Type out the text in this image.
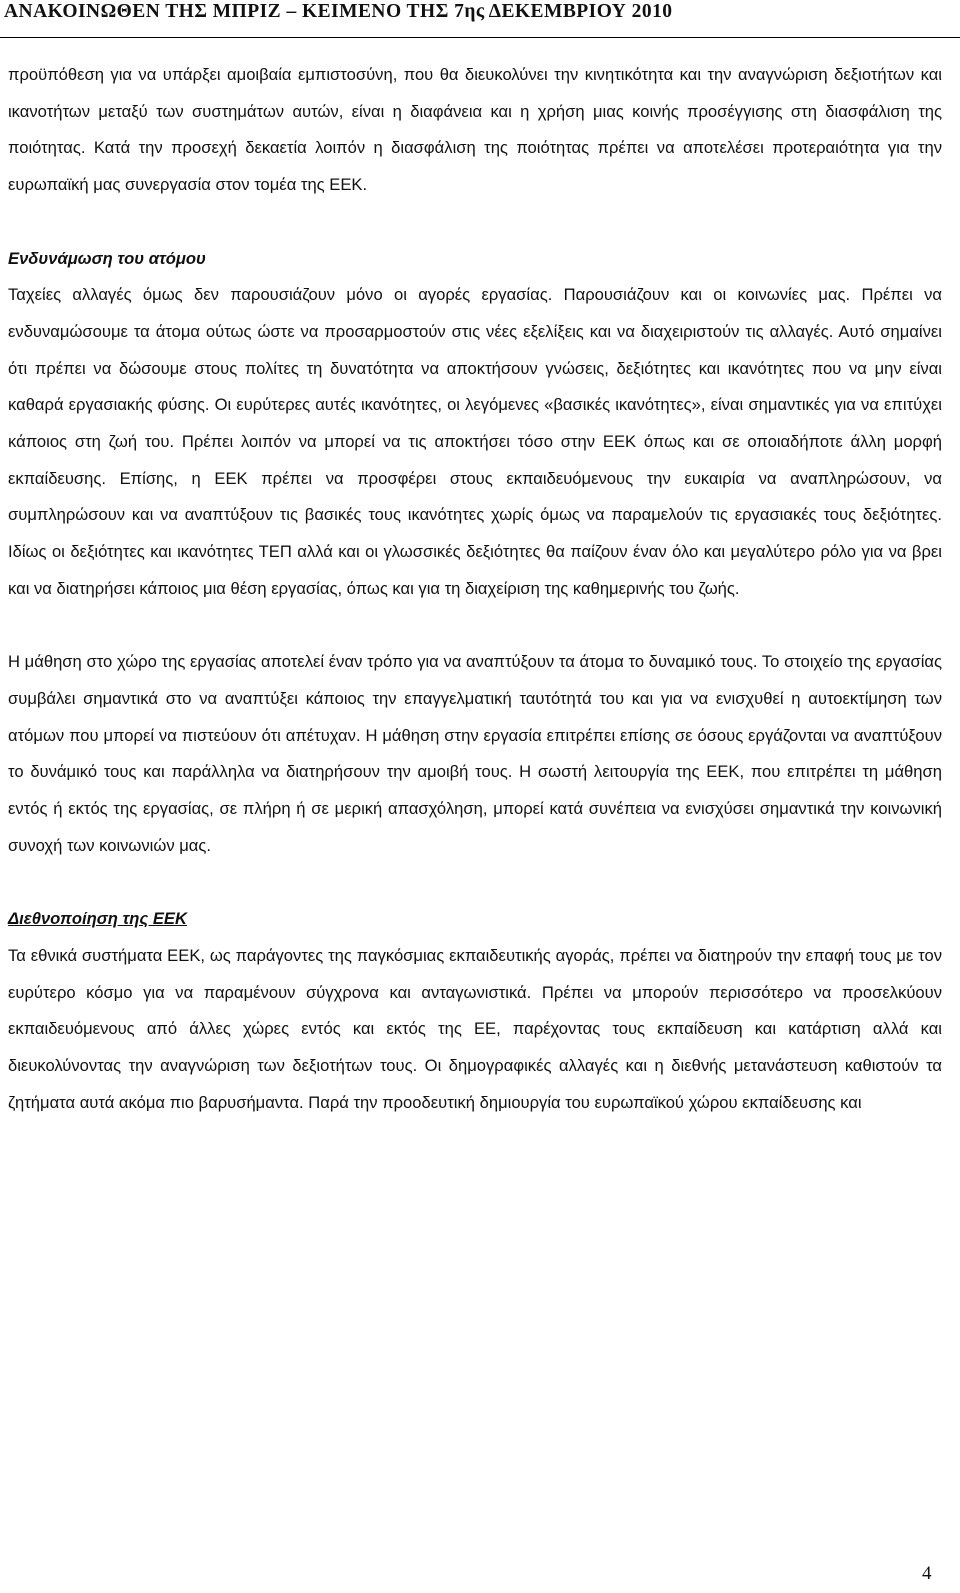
ΑΝΑΚΟΙΝΩΘΕΝ ΤΗΣ ΜΠΡΙΖ – ΚΕΙΜΕΝΟ ΤΗΣ 7ης ΔΕΚΕΜΒΡΙΟΥ 2010

προϋπόθεση για να υπάρξει αμοιβαία εμπιστοσύνη, που θα διευκολύνει την κινητικότητα και την αναγνώριση δεξιοτήτων και ικανοτήτων μεταξύ των συστημάτων αυτών, είναι η διαφάνεια και η χρήση μιας κοινής προσέγγισης στη διασφάλιση της ποιότητας. Κατά την προσεχή δεκαετία λοιπόν η διασφάλιση της ποιότητας πρέπει να αποτελέσει προτεραιότητα για την ευρωπαϊκή μας συνεργασία στον τομέα της ΕΕΚ.

Ενδυνάμωση του ατόμου

Ταχείες αλλαγές όμως δεν παρουσιάζουν μόνο οι αγορές εργασίας. Παρουσιάζουν και οι κοινωνίες μας. Πρέπει να ενδυναμώσουμε τα άτομα ούτως ώστε να προσαρμοστούν στις νέες εξελίξεις και να διαχειριστούν τις αλλαγές. Αυτό σημαίνει ότι πρέπει να δώσουμε στους πολίτες τη δυνατότητα να αποκτήσουν γνώσεις, δεξιότητες και ικανότητες που να μην είναι καθαρά εργασιακής φύσης. Οι ευρύτερες αυτές ικανότητες, οι λεγόμενες «βασικές ικανότητες», είναι σημαντικές για να επιτύχει κάποιος στη ζωή του. Πρέπει λοιπόν να μπορεί να τις αποκτήσει τόσο στην ΕΕΚ όπως και σε οποιαδήποτε άλλη μορφή εκπαίδευσης. Επίσης, η ΕΕΚ πρέπει να προσφέρει στους εκπαιδευόμενους την ευκαιρία να αναπληρώσουν, να συμπληρώσουν και να αναπτύξουν τις βασικές τους ικανότητες χωρίς όμως να παραμελούν τις εργασιακές τους δεξιότητες. Ιδίως οι δεξιότητες και ικανότητες ΤΕΠ αλλά και οι γλωσσικές δεξιότητες θα παίζουν έναν όλο και μεγαλύτερο ρόλο για να βρει και να διατηρήσει κάποιος μια θέση εργασίας, όπως και για τη διαχείριση της καθημερινής του ζωής.

Η μάθηση στο χώρο της εργασίας αποτελεί έναν τρόπο για να αναπτύξουν τα άτομα το δυναμικό τους. Το στοιχείο της εργασίας συμβάλει σημαντικά στο να αναπτύξει κάποιος την επαγγελματική ταυτότητά του και για να ενισχυθεί η αυτοεκτίμηση των ατόμων που μπορεί να πιστεύουν ότι απέτυχαν. Η μάθηση στην εργασία επιτρέπει επίσης σε όσους εργάζονται να αναπτύξουν το δυνάμικό τους και παράλληλα να διατηρήσουν την αμοιβή τους. Η σωστή λειτουργία της ΕΕΚ, που επιτρέπει τη μάθηση εντός ή εκτός της εργασίας, σε πλήρη ή σε μερική απασχόληση, μπορεί κατά συνέπεια να ενισχύσει σημαντικά την κοινωνική συνοχή των κοινωνιών μας.

Διεθνοποίηση της ΕΕΚ

Τα εθνικά συστήματα ΕΕΚ, ως παράγοντες της παγκόσμιας εκπαιδευτικής αγοράς, πρέπει να διατηρούν την επαφή τους με τον ευρύτερο κόσμο για να παραμένουν σύγχρονα και ανταγωνιστικά. Πρέπει να μπορούν περισσότερο να προσελκύουν εκπαιδευόμενους από άλλες χώρες εντός και εκτός της ΕΕ, παρέχοντας τους εκπαίδευση και κατάρτιση αλλά και διευκολύνοντας την αναγνώριση των δεξιοτήτων τους. Οι δημογραφικές αλλαγές και η διεθνής μετανάστευση καθιστούν τα ζητήματα αυτά ακόμα πιο βαρυσήμαντα. Παρά την προοδευτική δημιουργία του ευρωπαϊκού χώρου εκπαίδευσης και

4
